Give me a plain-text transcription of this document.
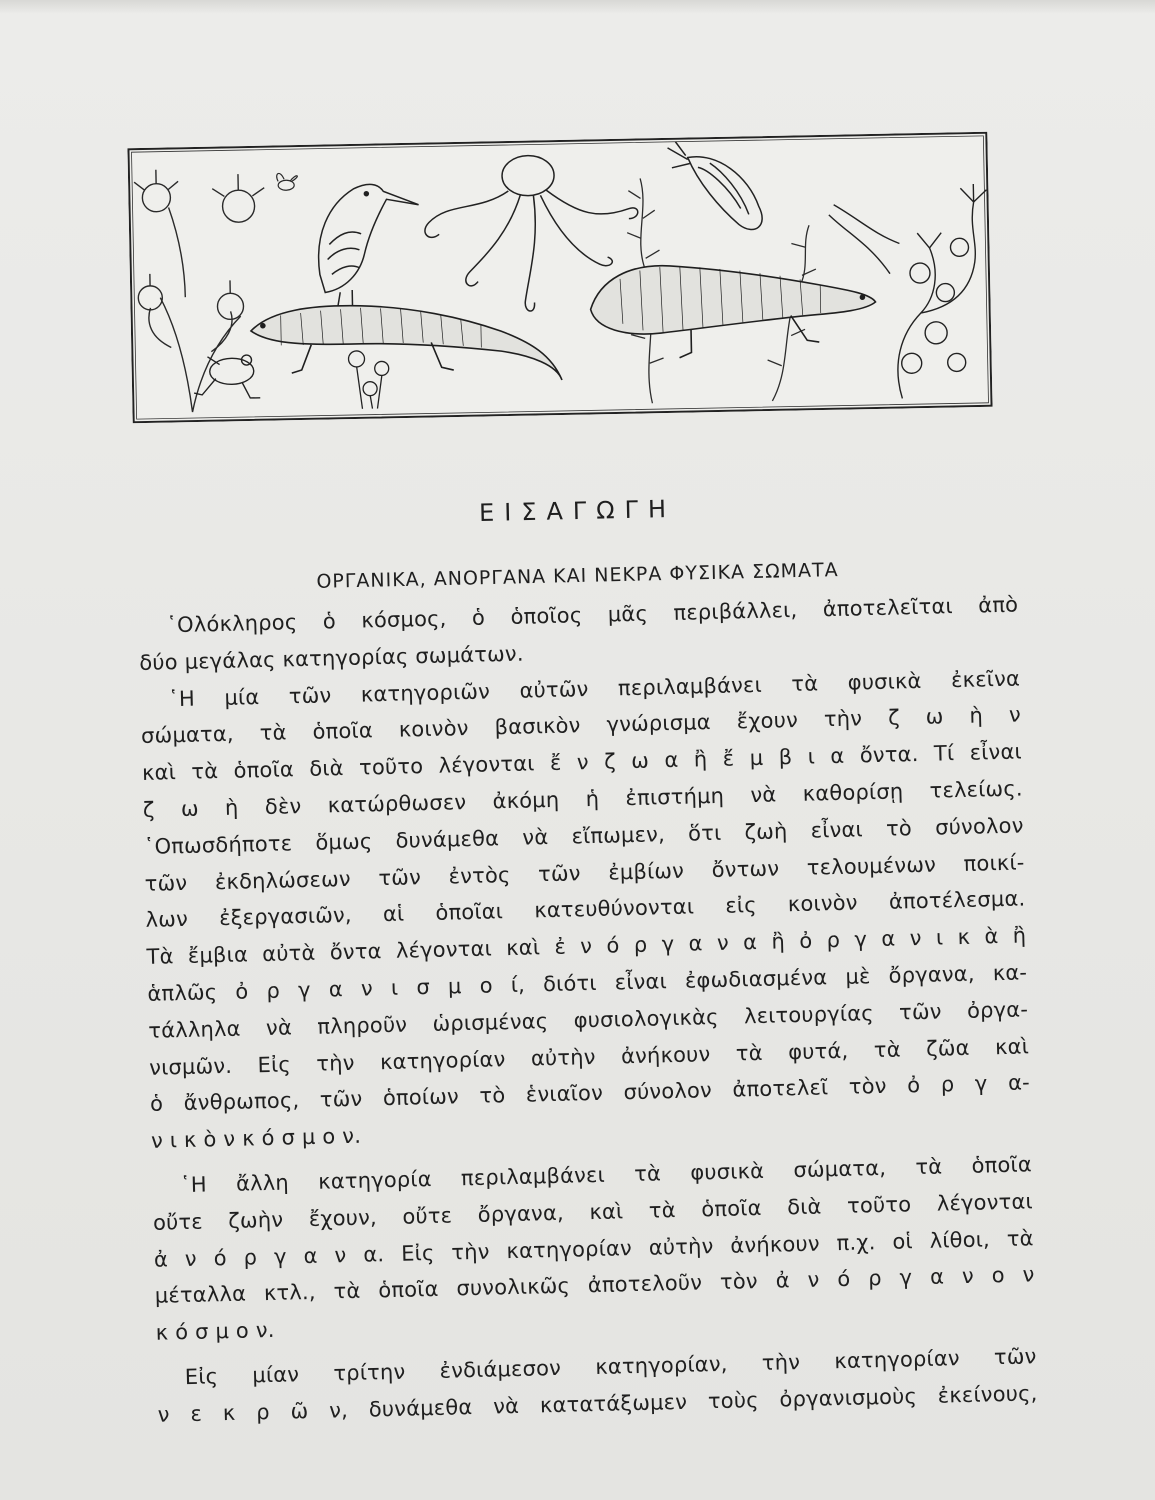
ΕΙΣΑΓΩΓΗ
ΟΡΓΑΝΙΚΑ, ΑΝΟΡΓΑΝΑ ΚΑΙ ΝΕΚΡΑ ΦΥΣΙΚΑ ΣΩΜΑΤΑ
῾Ολόκληρος ὁ κόσμος, ὁ ὁποῖος μᾶς περιβάλλει, ἀποτελεῖται ἀπὸ
δύο μεγάλας κατηγορίας σωμάτων.
῾Η μία τῶν κατηγοριῶν αὐτῶν περιλαμβάνει τὰ φυσικὰ ἐκεῖνα
σώματα, τὰ ὁποῖα κοινὸν βασικὸν γνώρισμα ἔχουν τὴν ζ ω ὴ ν
καὶ τὰ ὁποῖα διὰ τοῦτο λέγονται ἔ ν ζ ω α ἢ ἔ μ β ι α ὄντα. Τί εἶναι
ζ ω ὴ δὲν κατώρθωσεν ἀκόμη ἡ ἐπιστήμη νὰ καθορίσῃ τελείως.
῾Οπωσδήποτε ὅμως δυνάμεθα νὰ εἴπωμεν, ὅτι ζωὴ εἶναι τὸ σύνολον
τῶν ἐκδηλώσεων τῶν ἐντὸς τῶν ἐμβίων ὄντων τελουμένων ποικί-
λων ἐξεργασιῶν, αἱ ὁποῖαι κατευθύνονται εἰς κοινὸν ἀποτέλεσμα.
Τὰ ἔμβια αὐτὰ ὄντα λέγονται καὶ ἐ ν ό ρ γ α ν α ἢ ὀ ρ γ α ν ι κ ὰ ἢ
ἁπλῶς ὀ ρ γ α ν ι σ μ ο ί, διότι εἶναι ἐφωδιασμένα μὲ ὄργανα, κα-
τάλληλα νὰ πληροῦν ὡρισμένας φυσιολογικὰς λειτουργίας τῶν ὀργα-
νισμῶν. Εἰς τὴν κατηγορίαν αὐτὴν ἀνήκουν τὰ φυτά, τὰ ζῶα καὶ
ὁ ἄνθρωπος, τῶν ὁποίων τὸ ἑνιαῖον σύνολον ἀποτελεῖ τὸν ὀ ρ γ α-
ν ι κ ὸ ν κ ό σ μ ο ν.
῾Η ἄλλη κατηγορία περιλαμβάνει τὰ φυσικὰ σώματα, τὰ ὁποῖα
οὔτε ζωὴν ἔχουν, οὔτε ὄργανα, καὶ τὰ ὁποῖα διὰ τοῦτο λέγονται
ἀ ν ό ρ γ α ν α. Εἰς τὴν κατηγορίαν αὐτὴν ἀνήκουν π.χ. οἱ λίθοι, τὰ
μέταλλα κτλ., τὰ ὁποῖα συνολικῶς ἀποτελοῦν τὸν ἀ ν ό ρ γ α ν ο ν
κ ό σ μ ο ν.
Εἰς μίαν τρίτην ἐνδιάμεσον κατηγορίαν, τὴν κατηγορίαν τῶν
ν ε κ ρ ῶ ν, δυνάμεθα νὰ κατατάξωμεν τοὺς ὀργανισμοὺς ἐκείνους,
